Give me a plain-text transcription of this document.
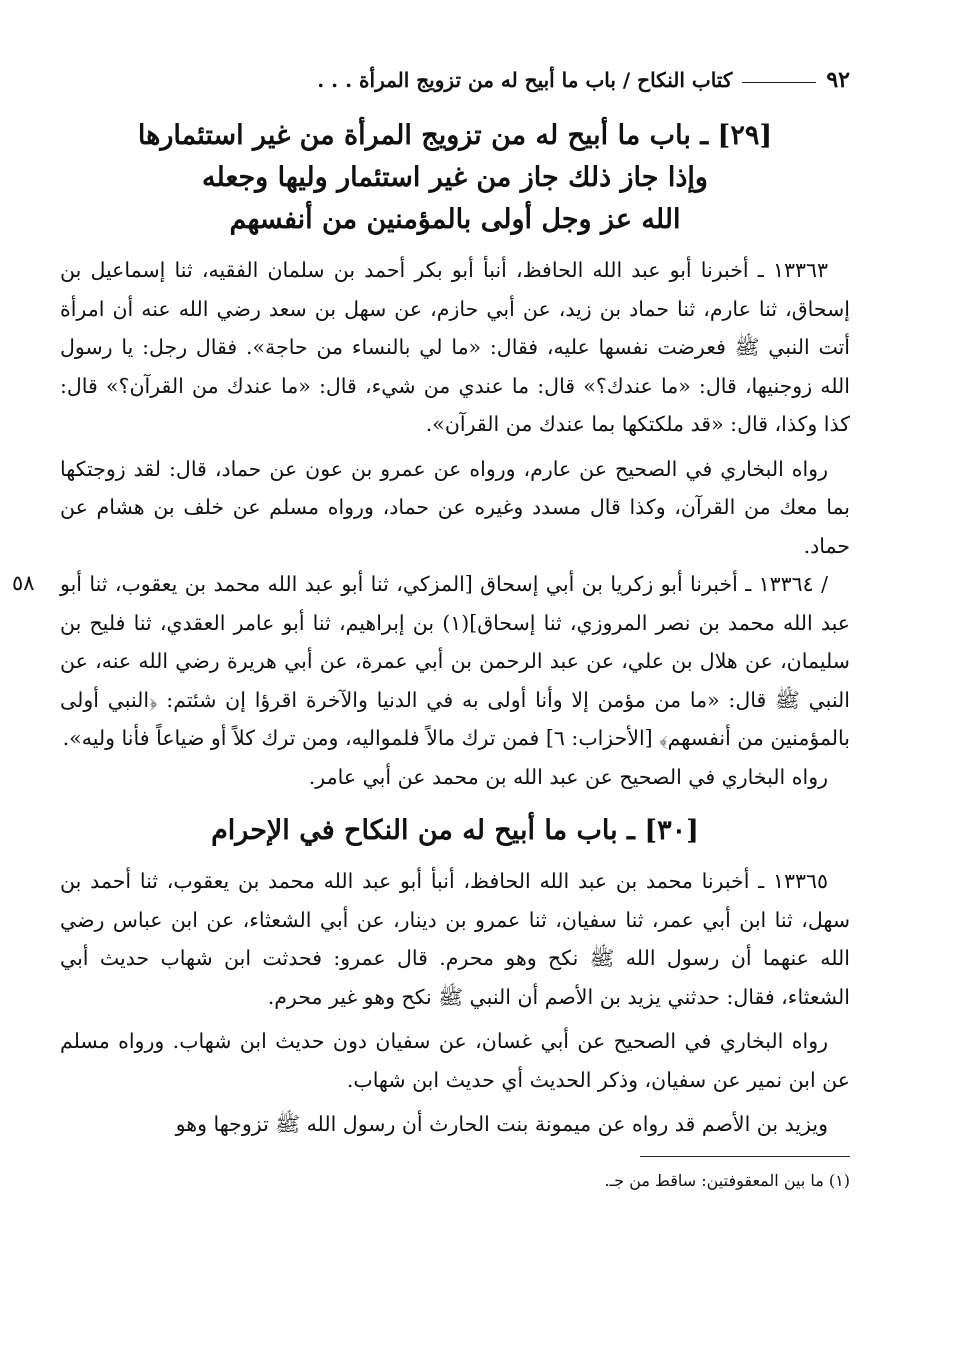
٩٢
كتاب النكاح / باب ما أبيح له من تزويج المرأة . . .
[٢٩] ـ باب ما أبيح له من تزويج المرأة من غير استئمارها
وإذا جاز ذلك جاز من غير استئمار وليها وجعله
الله عز وجل أولى بالمؤمنين من أنفسهم

١٣٣٦٣ ـ أخبرنا أبو عبد الله الحافظ، أنبأ أبو بكر أحمد بن سلمان الفقيه، ثنا إسماعيل بن إسحاق، ثنا عارم، ثنا حماد بن زيد، عن أبي حازم، عن سهل بن سعد رضي الله عنه أن امرأة أتت النبي ﷺ فعرضت نفسها عليه، فقال: «ما لي بالنساء من حاجة». فقال رجل: يا رسول الله زوجنيها، قال: «ما عندك؟» قال: ما عندي من شيء، قال: «ما عندك من القرآن؟» قال: كذا وكذا، قال: «قد ملكتكها بما عندك من القرآن».

رواه البخاري في الصحيح عن عارم، ورواه عن عمرو بن عون عن حماد، قال: لقد زوجتكها بما معك من القرآن، وكذا قال مسدد وغيره عن حماد، ورواه مسلم عن خلف بن هشام عن حماد.

٥٨ / ١٣٣٦٤ ـ أخبرنا أبو زكريا بن أبي إسحاق [المزكي، ثنا أبو عبد الله محمد بن يعقوب، ثنا أبو عبد الله محمد بن نصر المروزي، ثنا إسحاق](١) بن إبراهيم، ثنا أبو عامر العقدي، ثنا فليح بن سليمان، عن هلال بن علي، عن عبد الرحمن بن أبي عمرة، عن أبي هريرة رضي الله عنه، عن النبي ﷺ قال: «ما من مؤمن إلا وأنا أولى به في الدنيا والآخرة اقرؤا إن شئتم: ﴿النبي أولى بالمؤمنين من أنفسهم﴾ [الأحزاب: ٦] فمن ترك مالاً فلمواليه، ومن ترك كلاً أو ضياعاً فأنا وليه».

رواه البخاري في الصحيح عن عبد الله بن محمد عن أبي عامر.

[٣٠] ـ باب ما أبيح له من النكاح في الإحرام

١٣٣٦٥ ـ أخبرنا محمد بن عبد الله الحافظ، أنبأ أبو عبد الله محمد بن يعقوب، ثنا أحمد بن سهل، ثنا ابن أبي عمر، ثنا سفيان، ثنا عمرو بن دينار، عن أبي الشعثاء، عن ابن عباس رضي الله عنهما أن رسول الله ﷺ نكح وهو محرم. قال عمرو: فحدثت ابن شهاب حديث أبي الشعثاء، فقال: حدثني يزيد بن الأصم أن النبي ﷺ نكح وهو غير محرم.

رواه البخاري في الصحيح عن أبي غسان، عن سفيان دون حديث ابن شهاب. ورواه مسلم عن ابن نمير عن سفيان، وذكر الحديث أي حديث ابن شهاب.

ويزيد بن الأصم قد رواه عن ميمونة بنت الحارث أن رسول الله ﷺ تزوجها وهو

(١) ما بين المعقوفتين: ساقط من جـ.
